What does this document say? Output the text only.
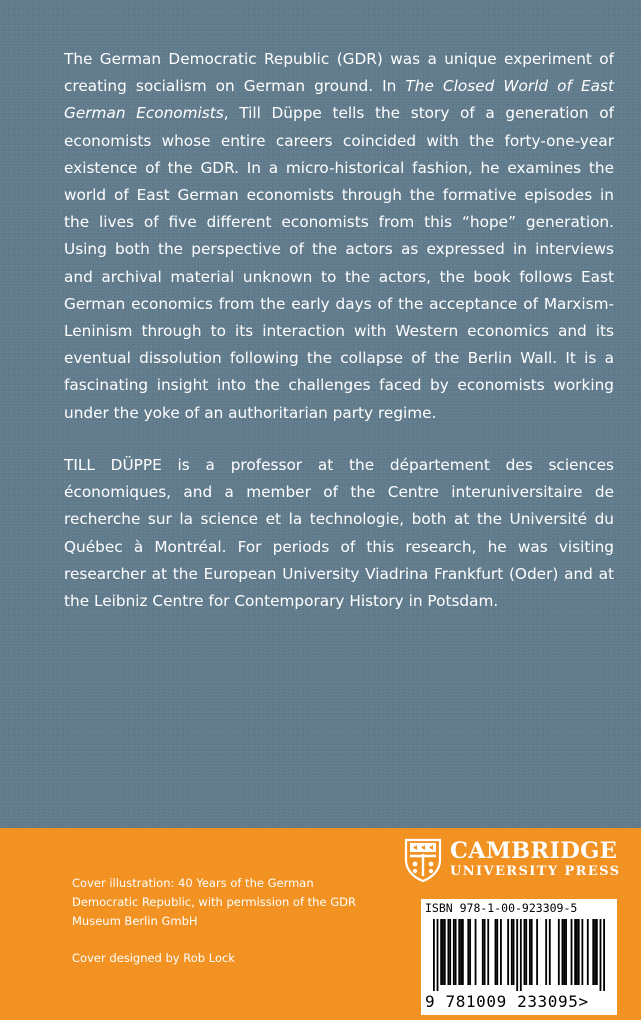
The German Democratic Republic (GDR) was a unique experiment of creating socialism on German ground. In The Closed World of East German Economists, Till Düppe tells the story of a generation of economists whose entire careers coincided with the forty-one-year existence of the GDR. In a micro-historical fashion, he examines the world of East German economists through the formative episodes in the lives of five different economists from this “hope” generation. Using both the perspective of the actors as expressed in interviews and archival material unknown to the actors, the book follows East German economics from the early days of the acceptance of Marxism-Leninism through to its interaction with Western economics and its eventual dissolution following the collapse of the Berlin Wall. It is a fascinating insight into the challenges faced by economists working under the yoke of an authoritarian party regime.

TILL DÜPPE is a professor at the département des sciences économiques, and a member of the Centre interuniversitaire de recherche sur la science et la technologie, both at the Université du Québec à Montréal. For periods of this research, he was visiting researcher at the European University Viadrina Frankfurt (Oder) and at the Leibniz Centre for Contemporary History in Potsdam.

Cover illustration: 40 Years of the German Democratic Republic, with permission of the GDR Museum Berlin GmbH

Cover designed by Rob Lock

CAMBRIDGE
UNIVERSITY PRESS
ISBN 978-1-00-923309-5
9 781009 233095>
